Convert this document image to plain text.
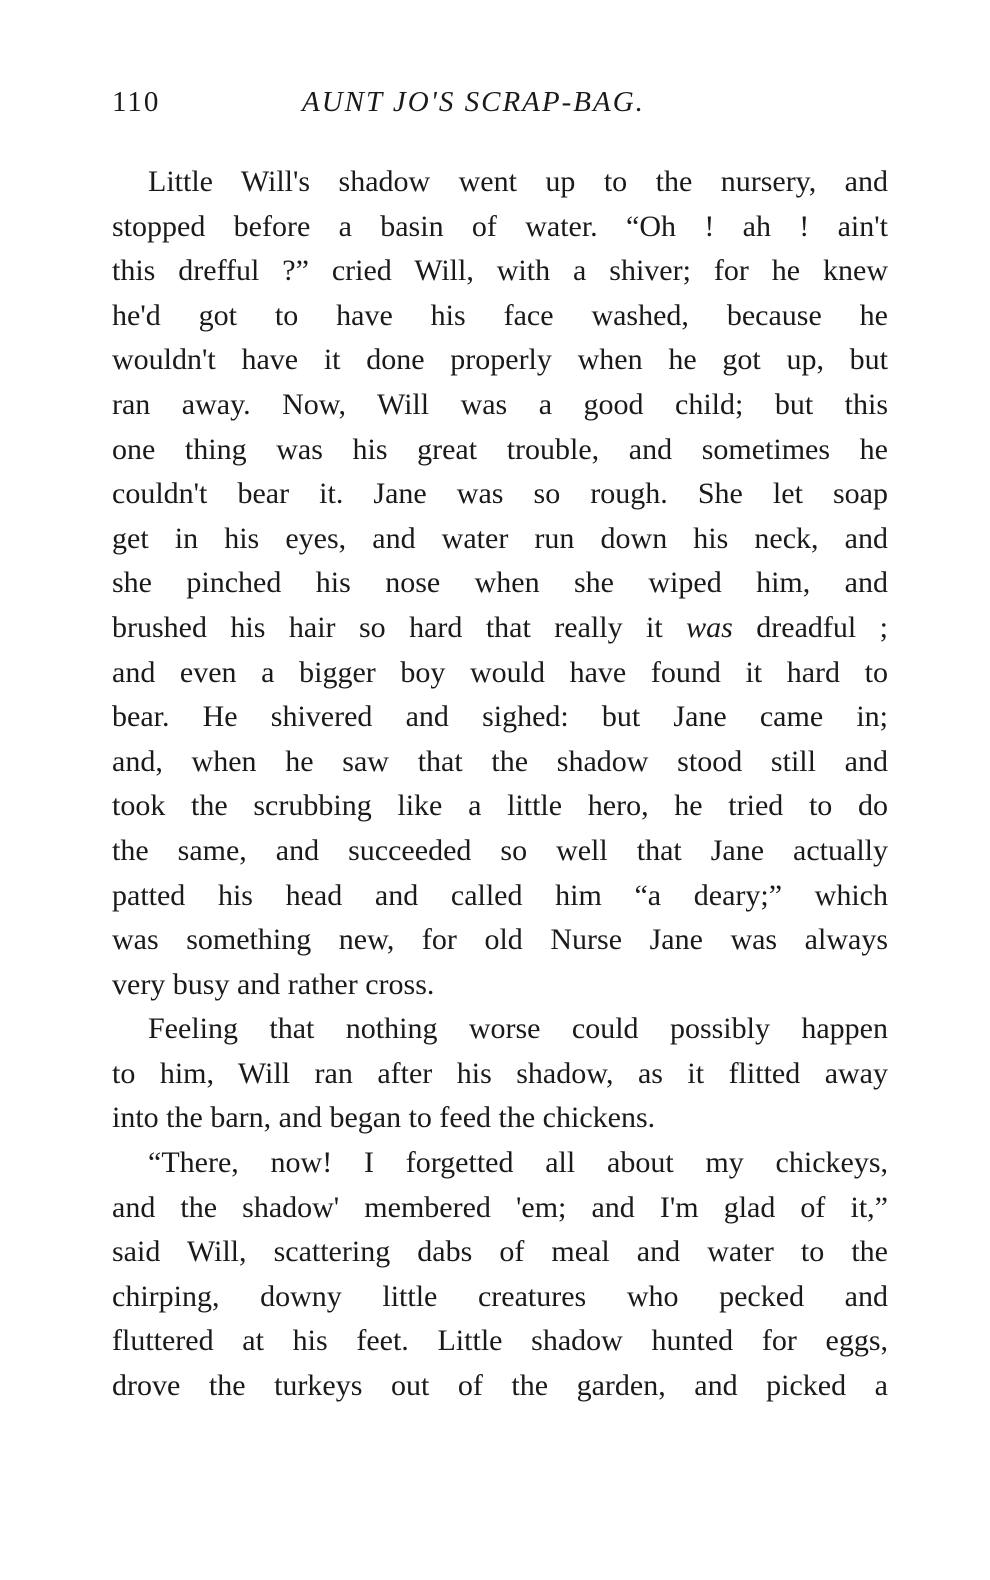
110	AUNT JO'S SCRAP-BAG.
Little Will's shadow went up to the nursery, and
stopped before a basin of water. “Oh ! ah ! ain't
this drefful ?” cried Will, with a shiver; for he knew
he'd got to have his face washed, because he
wouldn't have it done properly when he got up, but
ran away. Now, Will was a good child; but this
one thing was his great trouble, and sometimes he
couldn't bear it. Jane was so rough. She let soap
get in his eyes, and water run down his neck, and
she pinched his nose when she wiped him, and
brushed his hair so hard that really it was dreadful ;
and even a bigger boy would have found it hard to
bear. He shivered and sighed: but Jane came in;
and, when he saw that the shadow stood still and
took the scrubbing like a little hero, he tried to do
the same, and succeeded so well that Jane actually
patted his head and called him “a deary;” which
was something new, for old Nurse Jane was always
very busy and rather cross.
Feeling that nothing worse could possibly happen
to him, Will ran after his shadow, as it flitted away
into the barn, and began to feed the chickens.
“There, now! I forgetted all about my chickeys,
and the shadow' membered 'em; and I'm glad of it,”
said Will, scattering dabs of meal and water to the
chirping, downy little creatures who pecked and
fluttered at his feet. Little shadow hunted for eggs,
drove the turkeys out of the garden, and picked a
